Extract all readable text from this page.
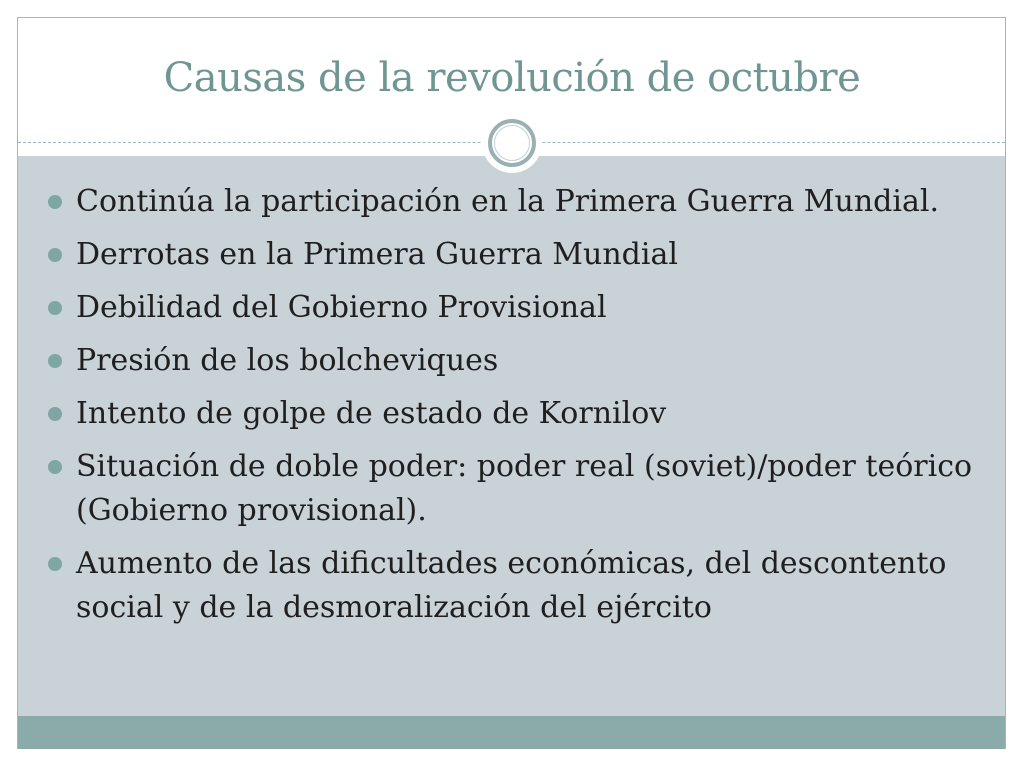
Causas de la revolución de octubre
Continúa la participación en la Primera Guerra Mundial.
Derrotas en la Primera Guerra Mundial
Debilidad del Gobierno Provisional
Presión de los bolcheviques
Intento de golpe de estado de Kornilov
Situación de doble poder: poder real (soviet)/poder teórico (Gobierno provisional).
Aumento de las dificultades económicas, del descontento social y de la desmoralización del ejército
